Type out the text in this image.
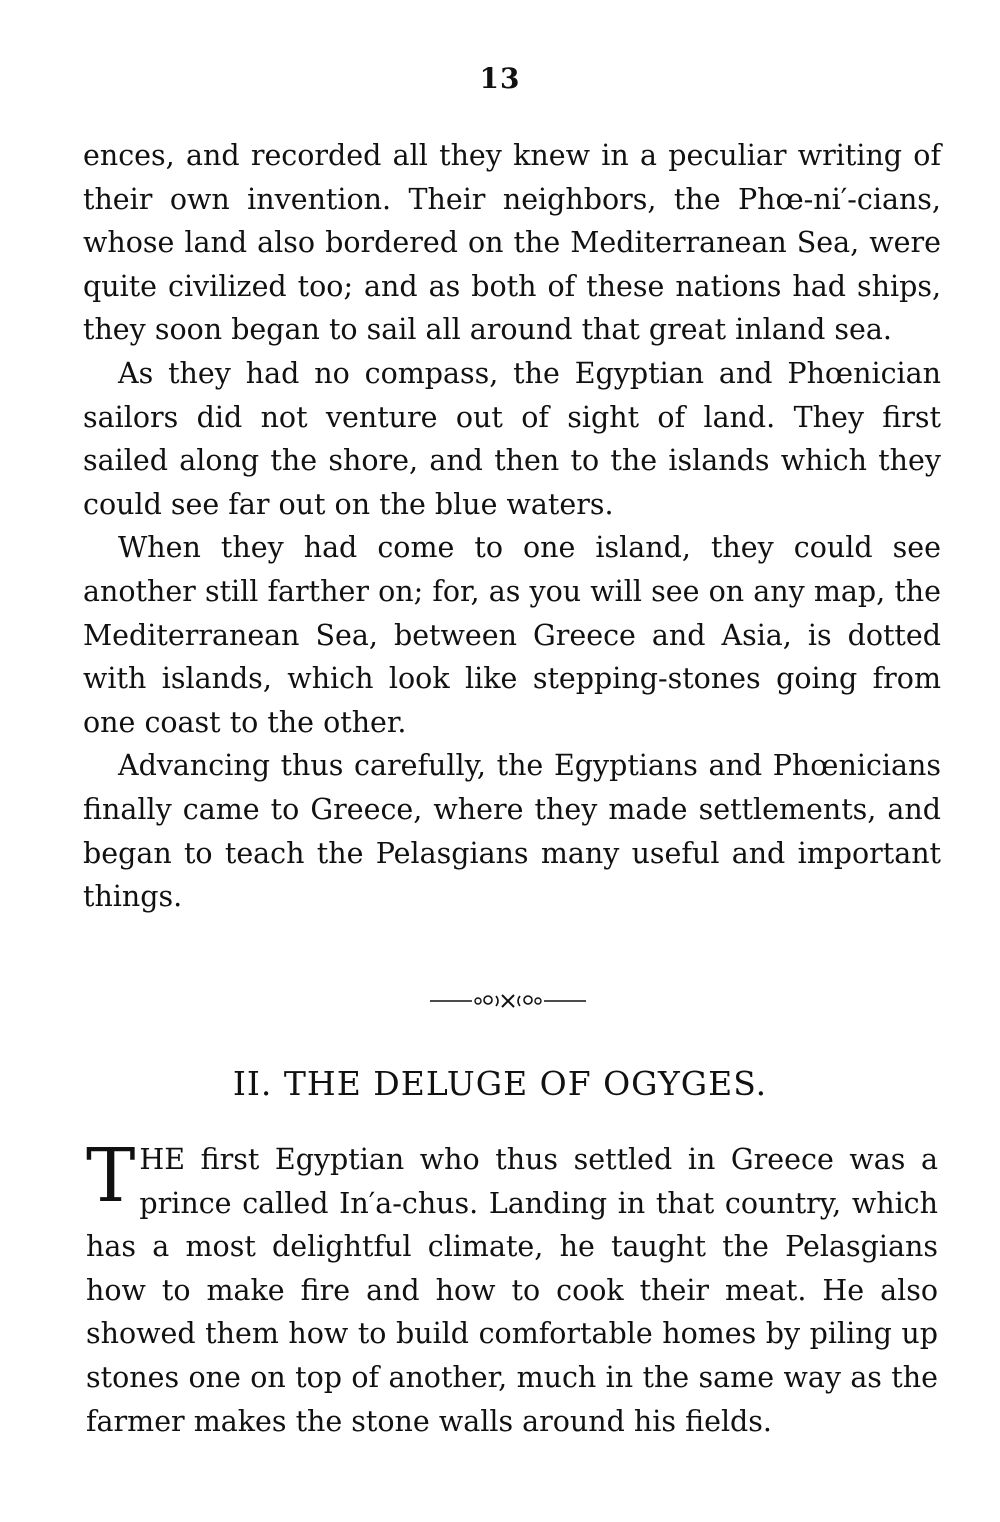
13

ences, and recorded all they knew in a peculiar writing of their own invention. Their neighbors, the Phœ-ni′-cians, whose land also bordered on the Mediterranean Sea, were quite civilized too; and as both of these nations had ships, they soon began to sail all around that great inland sea.

As they had no compass, the Egyptian and Phœnician sailors did not venture out of sight of land. They first sailed along the shore, and then to the islands which they could see far out on the blue waters.

When they had come to one island, they could see another still farther on; for, as you will see on any map, the Mediterranean Sea, between Greece and Asia, is dotted with islands, which look like stepping-stones going from one coast to the other.

Advancing thus carefully, the Egyptians and Phœnicians finally came to Greece, where they made settlements, and began to teach the Pelasgians many useful and important things.

II. THE DELUGE OF OGYGES.

THE first Egyptian who thus settled in Greece was a prince called In′a-chus. Landing in that country, which has a most delightful climate, he taught the Pelasgians how to make fire and how to cook their meat. He also showed them how to build comfortable homes by piling up stones one on top of another, much in the same way as the farmer makes the stone walls around his fields.
